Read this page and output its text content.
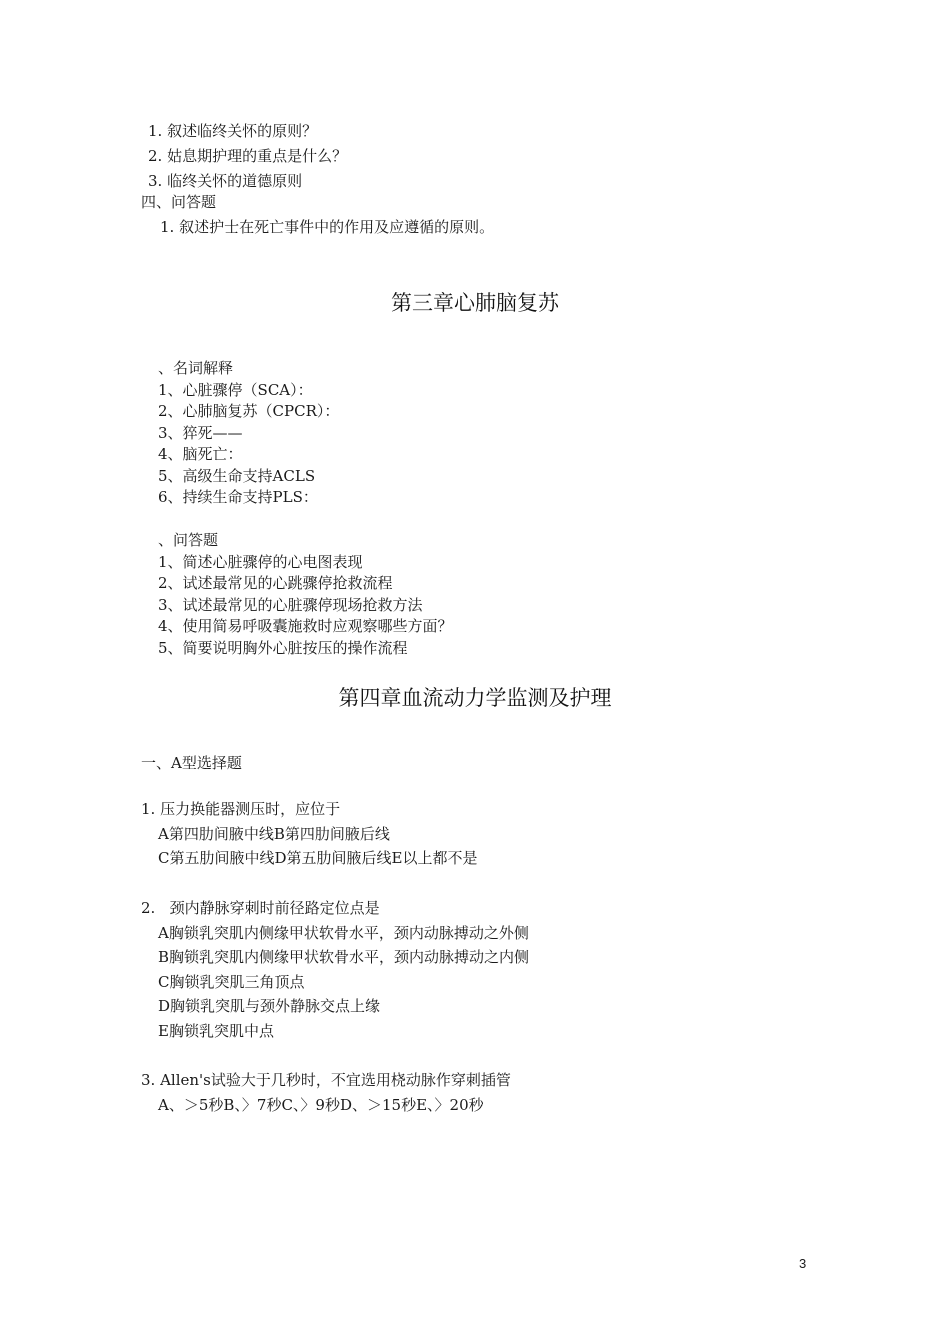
1. 叙述临终关怀的原则？
2. 姑息期护理的重点是什么？
3. 临终关怀的道德原则
四、问答题
1. 叙述护士在死亡事件中的作用及应遵循的原则。
第三章心肺脑复苏
、名词解释
1、心脏骤停（SCA）：
2、心肺脑复苏（CPCR）：
3、猝死——
4、脑死亡：
5、高级生命支持ACLS
6、持续生命支持PLS：
、问答题
1、简述心脏骤停的心电图表现
2、试述最常见的心跳骤停抢救流程
3、试述最常见的心脏骤停现场抢救方法
4、使用简易呼吸囊施救时应观察哪些方面？
5、简要说明胸外心脏按压的操作流程
第四章血流动力学监测及护理
一、A型选择题
1. 压力换能器测压时，应位于
A第四肋间腋中线B第四肋间腋后线
C第五肋间腋中线D第五肋间腋后线E以上都不是
2.   颈内静脉穿刺时前径路定位点是
A胸锁乳突肌内侧缘甲状软骨水平，颈内动脉搏动之外侧
B胸锁乳突肌内侧缘甲状软骨水平，颈内动脉搏动之内侧
C胸锁乳突肌三角顶点
D胸锁乳突肌与颈外静脉交点上缘
E胸锁乳突肌中点
3. Allen's试验大于几秒时，不宜选用桡动脉作穿刺插管
A、＞5秒B、〉7秒C、〉9秒D、＞15秒E、〉20秒
3
